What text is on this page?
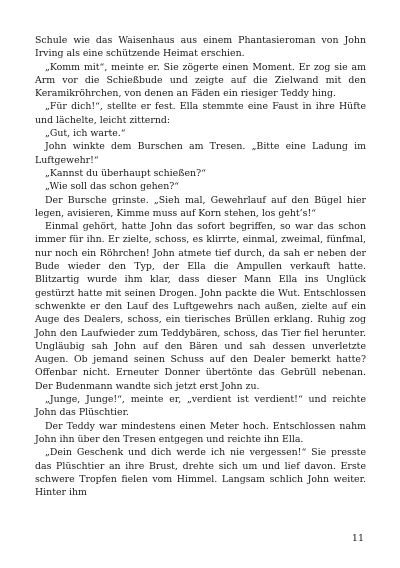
Schule wie das Waisenhaus aus einem Phantasieroman von John Irving als eine schützende Heimat erschien.

„Komm mit“, meinte er. Sie zögerte einen Moment. Er zog sie am Arm vor die Schießbude und zeigte auf die Zielwand mit den Keramikröhrchen, von denen an Fäden ein riesiger Teddy hing.

„Für dich!“, stellte er fest. Ella stemmte eine Faust in ihre Hüfte und lächelte, leicht zitternd:

„Gut, ich warte.“

John winkte dem Burschen am Tresen. „Bitte eine Ladung im Luftgewehr!“

„Kannst du überhaupt schießen?“

„Wie soll das schon gehen?“

Der Bursche grinste. „Sieh mal, Gewehrlauf auf den Bügel hier legen, avisieren, Kimme muss auf Korn stehen, los geht’s!“

Einmal gehört, hatte John das sofort begriffen, so war das schon immer für ihn. Er zielte, schoss, es klirrte, einmal, zweimal, fünfmal, nur noch ein Röhrchen! John atmete tief durch, da sah er neben der Bude wieder den Typ, der Ella die Ampullen verkauft hatte. Blitzartig wurde ihm klar, dass dieser Mann Ella ins Unglück gestürzt hatte mit seinen Drogen. John packte die Wut. Entschlossen schwenkte er den Lauf des Luftgewehrs nach außen, zielte auf ein Auge des Dealers, schoss, ein tierisches Brüllen erklang. Ruhig zog John den Laufwieder zum Teddybären, schoss, das Tier fiel herunter. Ungläubig sah John auf den Bären und sah dessen unverletzte Augen. Ob jemand seinen Schuss auf den Dealer bemerkt hatte? Offenbar nicht. Erneuter Donner übertönte das Gebrüll nebenan. Der Budenmann wandte sich jetzt erst John zu.

„Junge, Junge!“, meinte er, „verdient ist verdient!“ und reichte John das Plüschtier.

Der Teddy war mindestens einen Meter hoch. Entschlossen nahm John ihn über den Tresen entgegen und reichte ihn Ella.

„Dein Geschenk und dich werde ich nie vergessen!“ Sie presste das Plüschtier an ihre Brust, drehte sich um und lief davon. Erste schwere Tropfen fielen vom Himmel. Langsam schlich John weiter. Hinter ihm

11
